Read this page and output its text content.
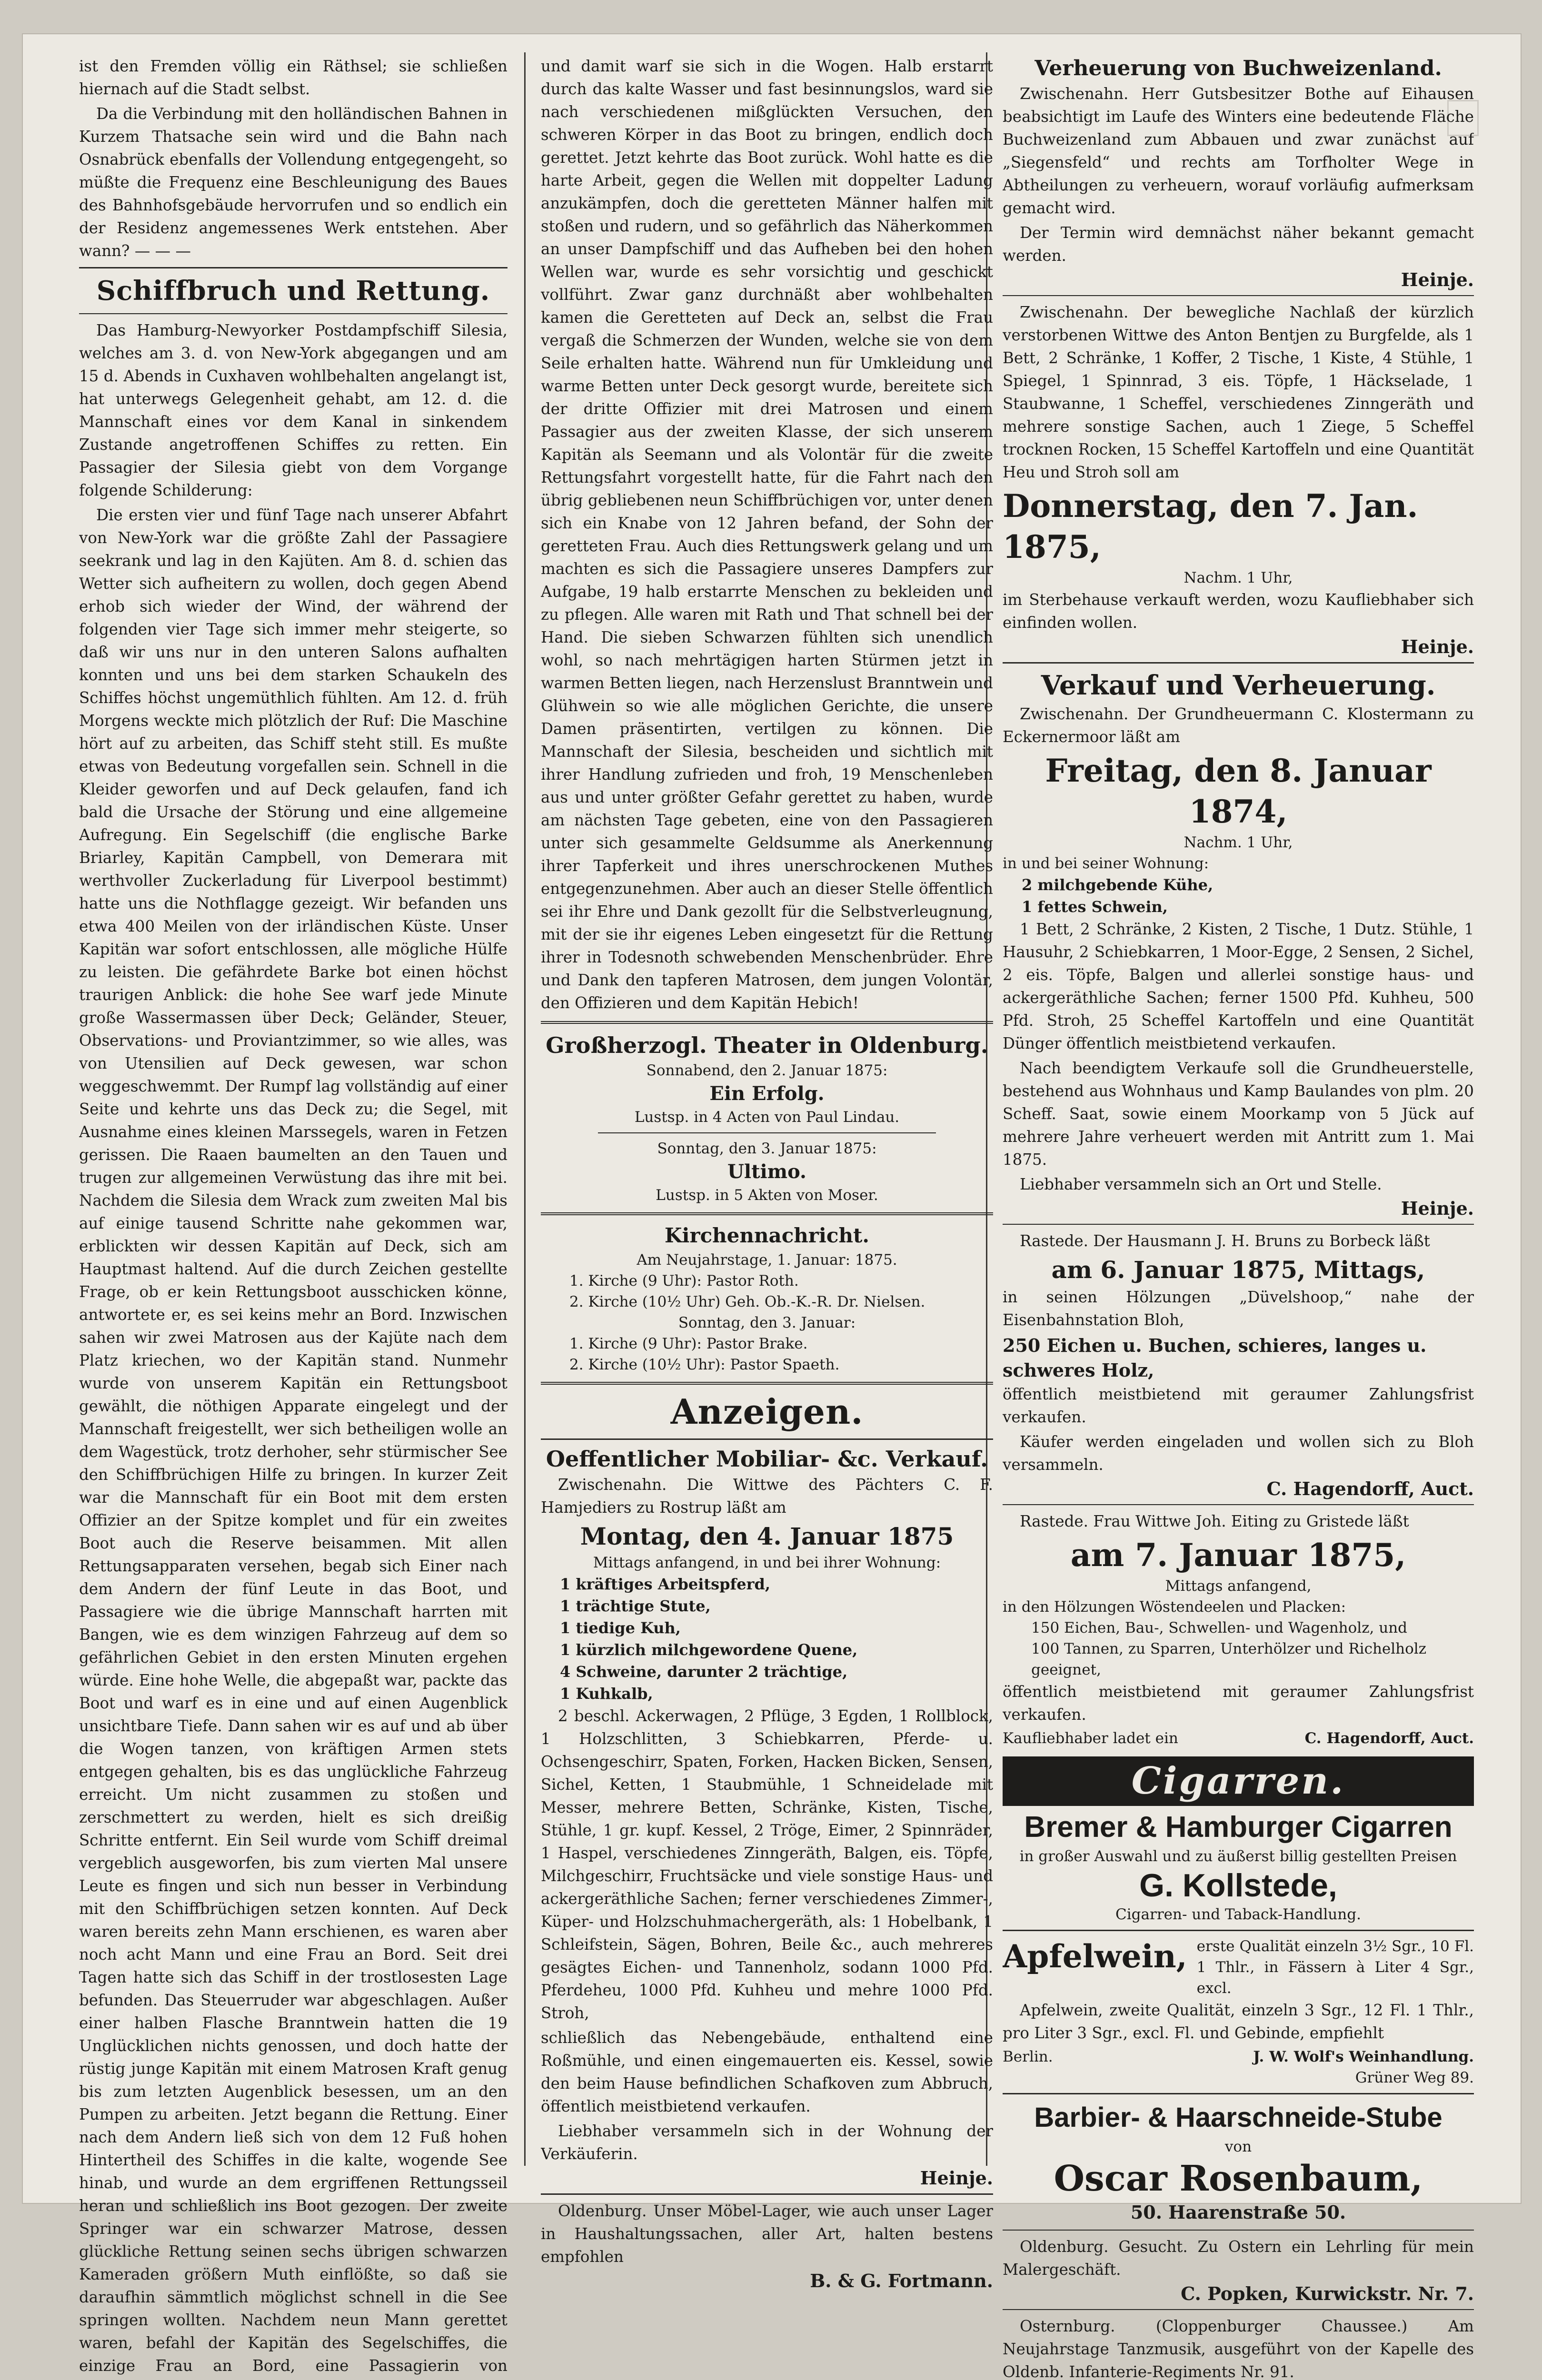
ist den Fremden völlig ein Räthsel; sie schließen hiernach auf die Stadt selbst.

Da die Verbindung mit den holländischen Bahnen in Kurzem Thatsache sein wird und die Bahn nach Osnabrück ebenfalls der Vollendung entgegengeht, so müßte die Frequenz eine Beschleunigung des Baues des Bahnhofsgebäude hervorrufen und so endlich ein der Residenz angemessenes Werk entstehen. Aber wann? — — —

Schiffbruch und Rettung.

Das Hamburg-Newyorker Postdampfschiff Silesia, welches am 3. d. von New-York abgegangen und am 15 d. Abends in Cuxhaven wohlbehalten angelangt ist, hat unterwegs Gelegenheit gehabt, am 12. d. die Mannschaft eines vor dem Kanal in sinkendem Zustande angetroffenen Schiffes zu retten. Ein Passagier der Silesia giebt von dem Vorgange folgende Schilderung:

Die ersten vier und fünf Tage nach unserer Abfahrt von New-York war die größte Zahl der Passagiere seekrank und lag in den Kajüten. Am 8. d. schien das Wetter sich aufheitern zu wollen, doch gegen Abend erhob sich wieder der Wind, der während der folgenden vier Tage sich immer mehr steigerte, so daß wir uns nur in den unteren Salons aufhalten konnten und uns bei dem starken Schaukeln des Schiffes höchst ungemüthlich fühlten. Am 12. d. früh Morgens weckte mich plötzlich der Ruf: Die Maschine hört auf zu arbeiten, das Schiff steht still. Es mußte etwas von Bedeutung vorgefallen sein. Schnell in die Kleider geworfen und auf Deck gelaufen, fand ich bald die Ursache der Störung und eine allgemeine Aufregung. Ein Segelschiff (die englische Barke Briarley, Kapitän Campbell, von Demerara mit werthvoller Zuckerladung für Liverpool bestimmt) hatte uns die Nothflagge gezeigt. Wir befanden uns etwa 400 Meilen von der irländischen Küste. Unser Kapitän war sofort entschlossen, alle mögliche Hülfe zu leisten. Die gefährdete Barke bot einen höchst traurigen Anblick: die hohe See warf jede Minute große Wassermassen über Deck; Geländer, Steuer, Observations- und Proviantzimmer, so wie alles, was von Utensilien auf Deck gewesen, war schon weggeschwemmt. Der Rumpf lag vollständig auf einer Seite und kehrte uns das Deck zu; die Segel, mit Ausnahme eines kleinen Marssegels, waren in Fetzen gerissen. Die Raaen baumelten an den Tauen und trugen zur allgemeinen Verwüstung das ihre mit bei. Nachdem die Silesia dem Wrack zum zweiten Mal bis auf einige tausend Schritte nahe gekommen war, erblickten wir dessen Kapitän auf Deck, sich am Hauptmast haltend. Auf die durch Zeichen gestellte Frage, ob er kein Rettungsboot ausschicken könne, antwortete er, es sei keins mehr an Bord. Inzwischen sahen wir zwei Matrosen aus der Kajüte nach dem Platz kriechen, wo der Kapitän stand. Nunmehr wurde von unserem Kapitän ein Rettungsboot gewählt, die nöthigen Apparate eingelegt und der Mannschaft freigestellt, wer sich betheiligen wolle an dem Wagestück, trotz derhoher, sehr stürmischer See den Schiffbrüchigen Hilfe zu bringen. In kurzer Zeit war die Mannschaft für ein Boot mit dem ersten Offizier an der Spitze komplet und für ein zweites Boot auch die Reserve beisammen. Mit allen Rettungsapparaten versehen, begab sich Einer nach dem Andern der fünf Leute in das Boot, und Passagiere wie die übrige Mannschaft harrten mit Bangen, wie es dem winzigen Fahrzeug auf dem so gefährlichen Gebiet in den ersten Minuten ergehen würde. Eine hohe Welle, die abgepaßt war, packte das Boot und warf es in eine und auf einen Augenblick unsichtbare Tiefe. Dann sahen wir es auf und ab über die Wogen tanzen, von kräftigen Armen stets entgegen gehalten, bis es das unglückliche Fahrzeug erreicht. Um nicht zusammen zu stoßen und zerschmettert zu werden, hielt es sich dreißig Schritte entfernt. Ein Seil wurde vom Schiff dreimal vergeblich ausgeworfen, bis zum vierten Mal unsere Leute es fingen und sich nun besser in Verbindung mit den Schiffbrüchigen setzen konnten. Auf Deck waren bereits zehn Mann erschienen, es waren aber noch acht Mann und eine Frau an Bord. Seit drei Tagen hatte sich das Schiff in der trostlosesten Lage befunden. Das Steuerruder war abgeschlagen. Außer einer halben Flasche Branntwein hatten die 19 Unglücklichen nichts genossen, und doch hatte der rüstig junge Kapitän mit einem Matrosen Kraft genug bis zum letzten Augenblick besessen, um an den Pumpen zu arbeiten. Jetzt begann die Rettung. Einer nach dem Andern ließ sich von dem 12 Fuß hohen Hintertheil des Schiffes in die kalte, wogende See hinab, und wurde an dem ergriffenen Rettungsseil heran und schließlich ins Boot gezogen. Der zweite Springer war ein schwarzer Matrose, dessen glückliche Rettung seinen sechs übrigen schwarzen Kameraden größern Muth einflößte, so daß sie daraufhin sämmtlich möglichst schnell in die See springen wollten. Nachdem neun Mann gerettet waren, befahl der Kapitän des Segelschiffes, die einzige Frau an Bord, eine Passagierin von

und damit warf sie sich in die Wogen. Halb erstarrt durch das kalte Wasser und fast besinnungslos, ward sie nach verschiedenen mißglückten Versuchen, den schweren Körper in das Boot zu bringen, endlich doch gerettet. Jetzt kehrte das Boot zurück. Wohl hatte es die harte Arbeit, gegen die Wellen mit doppelter Ladung anzukämpfen, doch die geretteten Männer halfen mit stoßen und rudern, und so gefährlich das Näherkommen an unser Dampfschiff und das Aufheben bei den hohen Wellen war, wurde es sehr vorsichtig und geschickt vollführt. Zwar ganz durchnäßt aber wohlbehalten kamen die Geretteten auf Deck an, selbst die Frau vergaß die Schmerzen der Wunden, welche sie von dem Seile erhalten hatte. Während nun für Umkleidung und warme Betten unter Deck gesorgt wurde, bereitete sich der dritte Offizier mit drei Matrosen und einem Passagier aus der zweiten Klasse, der sich unserem Kapitän als Seemann und als Volontär für die zweite Rettungsfahrt vorgestellt hatte, für die Fahrt nach den übrig gebliebenen neun Schiffbrüchigen vor, unter denen sich ein Knabe von 12 Jahren befand, der Sohn der geretteten Frau. Auch dies Rettungswerk gelang und um machten es sich die Passagiere unseres Dampfers zur Aufgabe, 19 halb erstarrte Menschen zu bekleiden und zu pflegen. Alle waren mit Rath und That schnell bei der Hand. Die sieben Schwarzen fühlten sich unendlich wohl, so nach mehrtägigen harten Stürmen jetzt in warmen Betten liegen, nach Herzenslust Branntwein und Glühwein so wie alle möglichen Gerichte, die unsere Damen präsentirten, vertilgen zu können. Die Mannschaft der Silesia, bescheiden und sichtlich mit ihrer Handlung zufrieden und froh, 19 Menschenleben aus und unter größter Gefahr gerettet zu haben, wurde am nächsten Tage gebeten, eine von den Passagieren unter sich gesammelte Geldsumme als Anerkennung ihrer Tapferkeit und ihres unerschrockenen Muthes entgegenzunehmen. Aber auch an dieser Stelle öffentlich sei ihr Ehre und Dank gezollt für die Selbstverleugnung, mit der sie ihr eigenes Leben eingesetzt für die Rettung ihrer in Todesnoth schwebenden Menschenbrüder. Ehre und Dank den tapferen Matrosen, dem jungen Volontär, den Offizieren und dem Kapitän Hebich!

Großherzogl. Theater in Oldenburg.
Sonnabend, den 2. Januar 1875:
Ein Erfolg.
Lustsp. in 4 Acten von Paul Lindau.
Sonntag, den 3. Januar 1875:
Ultimo.
Lustsp. in 5 Akten von Moser.
Kirchennachricht.
Am Neujahrstage, 1. Januar: 1875.
1. Kirche (9 Uhr): Pastor Roth.
2. Kirche (10½ Uhr) Geh. Ob.-K.-R. Dr. Nielsen.
Sonntag, den 3. Januar:
1. Kirche (9 Uhr): Pastor Brake.
2. Kirche (10½ Uhr): Pastor Spaeth.
Anzeigen.
Oeffentlicher Mobiliar- &c. Verkauf.

Zwischenahn. Die Wittwe des Pächters C. F. Hamjediers zu Rostrup läßt am

Montag, den 4. Januar 1875
Mittags anfangend, in und bei ihrer Wohnung:
1 kräftiges Arbeitspferd,
1 trächtige Stute,
1 tiedige Kuh,
1 kürzlich milchgewordene Quene,
4 Schweine, darunter 2 trächtige,
1 Kuhkalb,

2 beschl. Ackerwagen, 2 Pflüge, 3 Egden, 1 Rollblock, 1 Holzschlitten, 3 Schiebkarren, Pferde- u. Ochsengeschirr, Spaten, Forken, Hacken Bicken, Sensen, Sichel, Ketten, 1 Staubmühle, 1 Schneidelade mit Messer, mehrere Betten, Schränke, Kisten, Tische, Stühle, 1 gr. kupf. Kessel, 2 Tröge, Eimer, 2 Spinnräder, 1 Haspel, verschiedenes Zinngeräth, Balgen, eis. Töpfe, Milchgeschirr, Fruchtsäcke und viele sonstige Haus- und ackergeräthliche Sachen; ferner verschiedenes Zimmer-, Küper- und Holzschuhmachergeräth, als: 1 Hobelbank, 1 Schleifstein, Sägen, Bohren, Beile &c., auch mehreres gesägtes Eichen- und Tannenholz, sodann 1000 Pfd. Pferdeheu, 1000 Pfd. Kuhheu und mehre 1000 Pfd. Stroh,

schließlich das Nebengebäude, enthaltend eine Roßmühle, und einen eingemauerten eis. Kessel, sowie den beim Hause befindlichen Schafkoven zum Abbruch, öffentlich meistbietend verkaufen.

Liebhaber versammeln sich in der Wohnung der Verkäuferin.

Heinje.

Oldenburg. Unser Möbel-Lager, wie auch unser Lager in Haushaltungssachen, aller Art, halten bestens empfohlen

B. & G. Fortmann.
Verheuerung von Buchweizenland.

Zwischenahn. Herr Gutsbesitzer Bothe auf Eihausen beabsichtigt im Laufe des Winters eine bedeutende Fläche Buchweizenland zum Abbauen und zwar zunächst auf „Siegensfeld“ und rechts am Torfholter Wege in Abtheilungen zu verheuern, worauf vorläufig aufmerksam gemacht wird.

Der Termin wird demnächst näher bekannt gemacht werden.

Heinje.

Zwischenahn. Der bewegliche Nachlaß der kürzlich verstorbenen Wittwe des Anton Bentjen zu Burgfelde, als 1 Bett, 2 Schränke, 1 Koffer, 2 Tische, 1 Kiste, 4 Stühle, 1 Spiegel, 1 Spinnrad, 3 eis. Töpfe, 1 Häckselade, 1 Staubwanne, 1 Scheffel, verschiedenes Zinngeräth und mehrere sonstige Sachen, auch 1 Ziege, 5 Scheffel trocknen Rocken, 15 Scheffel Kartoffeln und eine Quantität Heu und Stroh soll am

Donnerstag, den 7. Jan. 1875,
Nachm. 1 Uhr,

im Sterbehause verkauft werden, wozu Kaufliebhaber sich einfinden wollen.

Heinje.
Verkauf und Verheuerung.

Zwischenahn. Der Grundheuermann C. Klostermann zu Eckernermoor läßt am

Freitag, den 8. Januar 1874,
Nachm. 1 Uhr,
in und bei seiner Wohnung:
2 milchgebende Kühe,
1 fettes Schwein,

1 Bett, 2 Schränke, 2 Kisten, 2 Tische, 1 Dutz. Stühle, 1 Hausuhr, 2 Schiebkarren, 1 Moor-Egge, 2 Sensen, 2 Sichel, 2 eis. Töpfe, Balgen und allerlei sonstige haus- und ackergeräthliche Sachen; ferner 1500 Pfd. Kuhheu, 500 Pfd. Stroh, 25 Scheffel Kartoffeln und eine Quantität Dünger öffentlich meistbietend verkaufen.

Nach beendigtem Verkaufe soll die Grundheuerstelle, bestehend aus Wohnhaus und Kamp Baulandes von plm. 20 Scheff. Saat, sowie einem Moorkamp von 5 Jück auf mehrere Jahre verheuert werden mit Antritt zum 1. Mai 1875.

Liebhaber versammeln sich an Ort und Stelle.

Heinje.

Rastede. Der Hausmann J. H. Bruns zu Borbeck läßt

am 6. Januar 1875, Mittags,

in seinen Hölzungen „Düvelshoop,“ nahe der Eisenbahnstation Bloh,

250 Eichen u. Buchen, schieres, langes u. schweres Holz,

öffentlich meistbietend mit geraumer Zahlungsfrist verkaufen.

Käufer werden eingeladen und wollen sich zu Bloh versammeln.

C. Hagendorff, Auct.

Rastede. Frau Wittwe Joh. Eiting zu Gristede läßt

am 7. Januar 1875,
Mittags anfangend,
in den Hölzungen Wöstendeelen und Placken:
150 Eichen, Bau-, Schwellen- und Wagenholz, und
100 Tannen, zu Sparren, Unterhölzer und Richelholz geeignet,

öffentlich meistbietend mit geraumer Zahlungsfrist verkaufen.

Kaufliebhaber ladet ein	C. Hagendorff, Auct.
Cigarren.
Bremer & Hamburger Cigarren
in großer Auswahl und zu äußerst billig gestellten Preisen
G. Kollstede,
Cigarren- und Taback-Handlung.
Apfelwein, erste Qualität einzeln 3½ Sgr., 10 Fl. 1 Thlr., in Fässern à Liter 4 Sgr., excl.

Apfelwein, zweite Qualität, einzeln 3 Sgr., 12 Fl. 1 Thlr., pro Liter 3 Sgr., excl. Fl. und Gebinde, empfiehlt

Berlin.	J. W. Wolf's Weinhandlung.
Grüner Weg 89.
Barbier- & Haarschneide-Stube
von
Oscar Rosenbaum,
50. Haarenstraße 50.

Oldenburg. Gesucht. Zu Ostern ein Lehrling für mein Malergeschäft.

C. Popken, Kurwickstr. Nr. 7.

Osternburg. (Cloppenburger Chaussee.) Am Neujahrstage Tanzmusik, ausgeführt von der Kapelle des Oldenb. Infanterie-Regiments Nr. 91.
